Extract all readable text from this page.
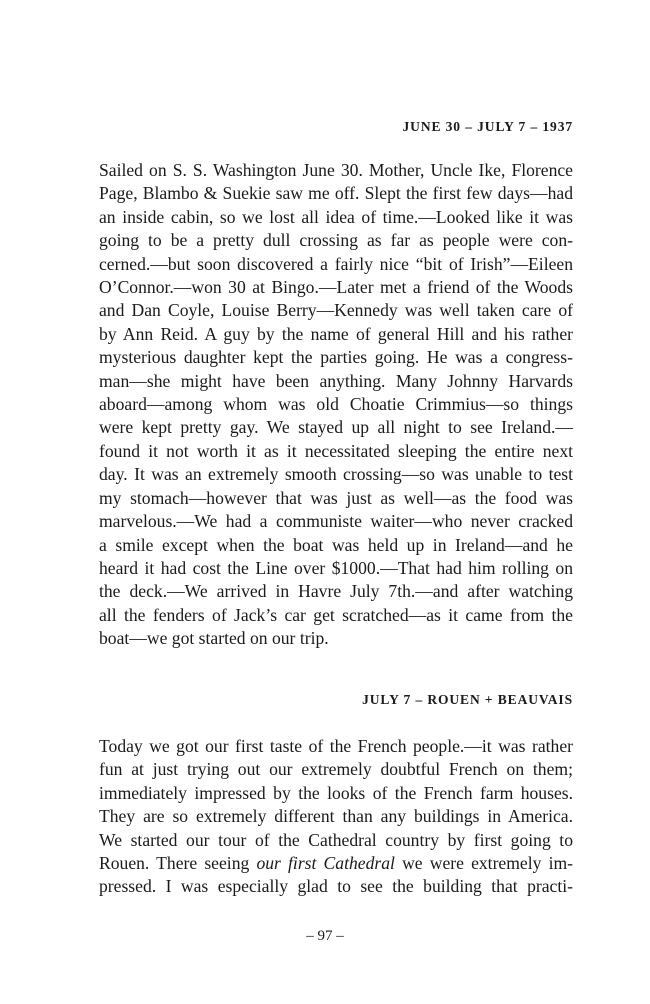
JUNE 30 – JULY 7 – 1937
Sailed on S. S. Washington June 30. Mother, Uncle Ike, Florence
Page, Blambo & Suekie saw me off. Slept the first few days—had
an inside cabin, so we lost all idea of time.—Looked like it was
going to be a pretty dull crossing as far as people were con-
cerned.—but soon discovered a fairly nice “bit of Irish”—Eileen
O’Connor.—won 30 at Bingo.—Later met a friend of the Woods
and Dan Coyle, Louise Berry—Kennedy was well taken care of
by Ann Reid. A guy by the name of general Hill and his rather
mysterious daughter kept the parties going. He was a congress-
man—she might have been anything. Many Johnny Harvards
aboard—among whom was old Choatie Crimmius—so things
were kept pretty gay. We stayed up all night to see Ireland.—
found it not worth it as it necessitated sleeping the entire next
day. It was an extremely smooth crossing—so was unable to test
my stomach—however that was just as well—as the food was
marvelous.—We had a communiste waiter—who never cracked
a smile except when the boat was held up in Ireland—and he
heard it had cost the Line over $1000.—That had him rolling on
the deck.—We arrived in Havre July 7th.—and after watching
all the fenders of Jack’s car get scratched—as it came from the
boat—we got started on our trip.
JULY 7 – ROUEN + BEAUVAIS
Today we got our first taste of the French people.—it was rather
fun at just trying out our extremely doubtful French on them;
immediately impressed by the looks of the French farm houses.
They are so extremely different than any buildings in America.
We started our tour of the Cathedral country by first going to
Rouen. There seeing our first Cathedral we were extremely im-
pressed. I was especially glad to see the building that practi-
– 97 –
